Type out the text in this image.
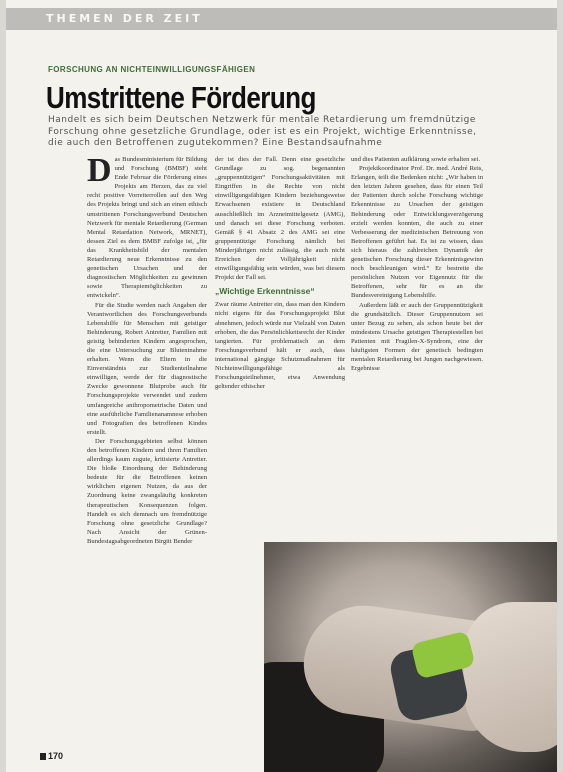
THEMEN DER ZEIT
FORSCHUNG AN NICHTEINWILLIGUNGSFÄHIGEN
Umstrittene Förderung
Handelt es sich beim Deutschen Netzwerk für mentale Retardierung um fremdnützige
Forschung ohne gesetzliche Grundlage, oder ist es ein Projekt, wichtige Erkenntnisse,
die auch den Betroffenen zugutekommen? Eine Bestandsaufnahme
D as Bundesministerium für Bildung und Forschung (BMBF) steht Ende Februar die Förderung eines Projekts am Herzen, das zu viel recht positive Vorreiterrollen auf den Weg des Projekts bringt und sich an einen ethisch umstrittenen Forschungsverbund Deutschen Netzwerk für mentale Retardierung (German Mental Retardation Network, MRNET), dessen Ziel es dem BMBF zufolge ist, „für das Krankheitsbild der mentalen Retardierung neue Erkenntnisse zu den genetischen Ursachen und der diagnostischen Möglichkeiten zu gewinnen sowie Therapiemöglichkeiten zu entwickeln“.

Für die Studie werden nach Angaben der Verantwortlichen des Forschungsverbunds Lebenshilfe für Menschen mit geistiger Behinderung, Robert Antretter, Familien mit geistig behinderten Kindern angesprochen, die eine Untersuchung zur Blutentnahme erhalten. Wenn die Eltern in die Einverständnis zur Studienteilnahme einwilligen, werde der für diagnostische Zwecke gewonnene Blutprobe auch für Forschungsprojekte verwendet und zudem umfangreiche anthropometrische Daten und eine ausführliche Familienanamnese erhoben und Fotografien des betroffenen Kindes erstellt.

Der Forschungsgebieten selbst können den betroffenen Kindern und ihren Familien allerdings kaum zugute, kritisierte Antretter. Die bloße Einordnung der Behinderung bedeute für die Betroffenen keinen wirklichen eigenen Nutzen, da aus der Zuordnung keine zwangsläufig konkreten therapeutischen Konsequenzen folgen. Handelt es sich demnach um fremdnützige Forschung ohne gesetzliche Grundlage? Nach Ansicht der Grünen-Bundestagsabgeordneten Birgitt Bender

der ist dies der Fall. Denn eine gesetzliche Grundlage zu sog. begenannten „gruppennützigen“ Forschungsaktivitäten mit Eingriffen in die Rechte von nicht einwilligungsfähigen Kindern beziehungsweise Erwachsenen existiere in Deutschland ausschließlich im Arzneimittelgesetz (AMG), und danach sei diese Forschung verboten. Gemäß § 41 Absatz 2 des AMG sei eine gruppennützige Forschung nämlich bei Minderjährigen nicht zulässig, die auch nicht Erreichen der Volljährigkeit nicht einwilligungsfähig sein würden, was bei diesem Projekt der Fall sei.

„Wichtige Erkenntnisse“

Zwar räume Antretter ein, dass man den Kindern nicht eigens für das Forschungsprojekt Blut abnehmen, jedoch würde nur Vielzahl von Daten erhoben, die das Persönlichkeitsrecht der Kinder tangierten. Für problematisch an dem Forschungsverbund hält er auch, dass international gängige Schutzmaßnahmen für Nichteinwilligungsfähige als Forschungsteilnehmer, etwa Anwendung geltender ethischer

und dies Patienten aufklärung sowie erhalten sei.

Projektkoordinator Prof. Dr. med. André Reis, Erlangen, teilt die Bedenken nicht: „Wir haben in den letzten Jahren gesehen, dass für einen Teil der Patienten durch solche Forschung wichtige Erkenntnisse zu Ursachen der geistigen Behinderung oder Entwicklungsverzögerung erzielt werden konnten, die auch zu einer Verbesserung der medizinischen Betreuung von Betroffenen geführt hat. Es ist zu wissen, dass sich hieraus die zahlreichen Dynamik der genetischen Forschung dieser Erkenntnisgewinn noch beschleunigen wird.“ Er bestreite die persönlichen Nutzen vor Eigennutz für die Betroffenen, sehr für es an die Bundesvereinigung Lebenshilfe.

Außerdem läßt er auch der Gruppennützigkeit die grundsätzlich. Dieser Gruppennutzen sei unter Bezug zu sehen, als schon heute bei der mindestens Ursache geistigen Therapiestellen bei Patienten mit Fragilen-X-Syndrom, eine der häufigsten Formen der genetisch bedingten mentalen Retardierung bei Jungen nachgewiesen. Ergebnisse

170
